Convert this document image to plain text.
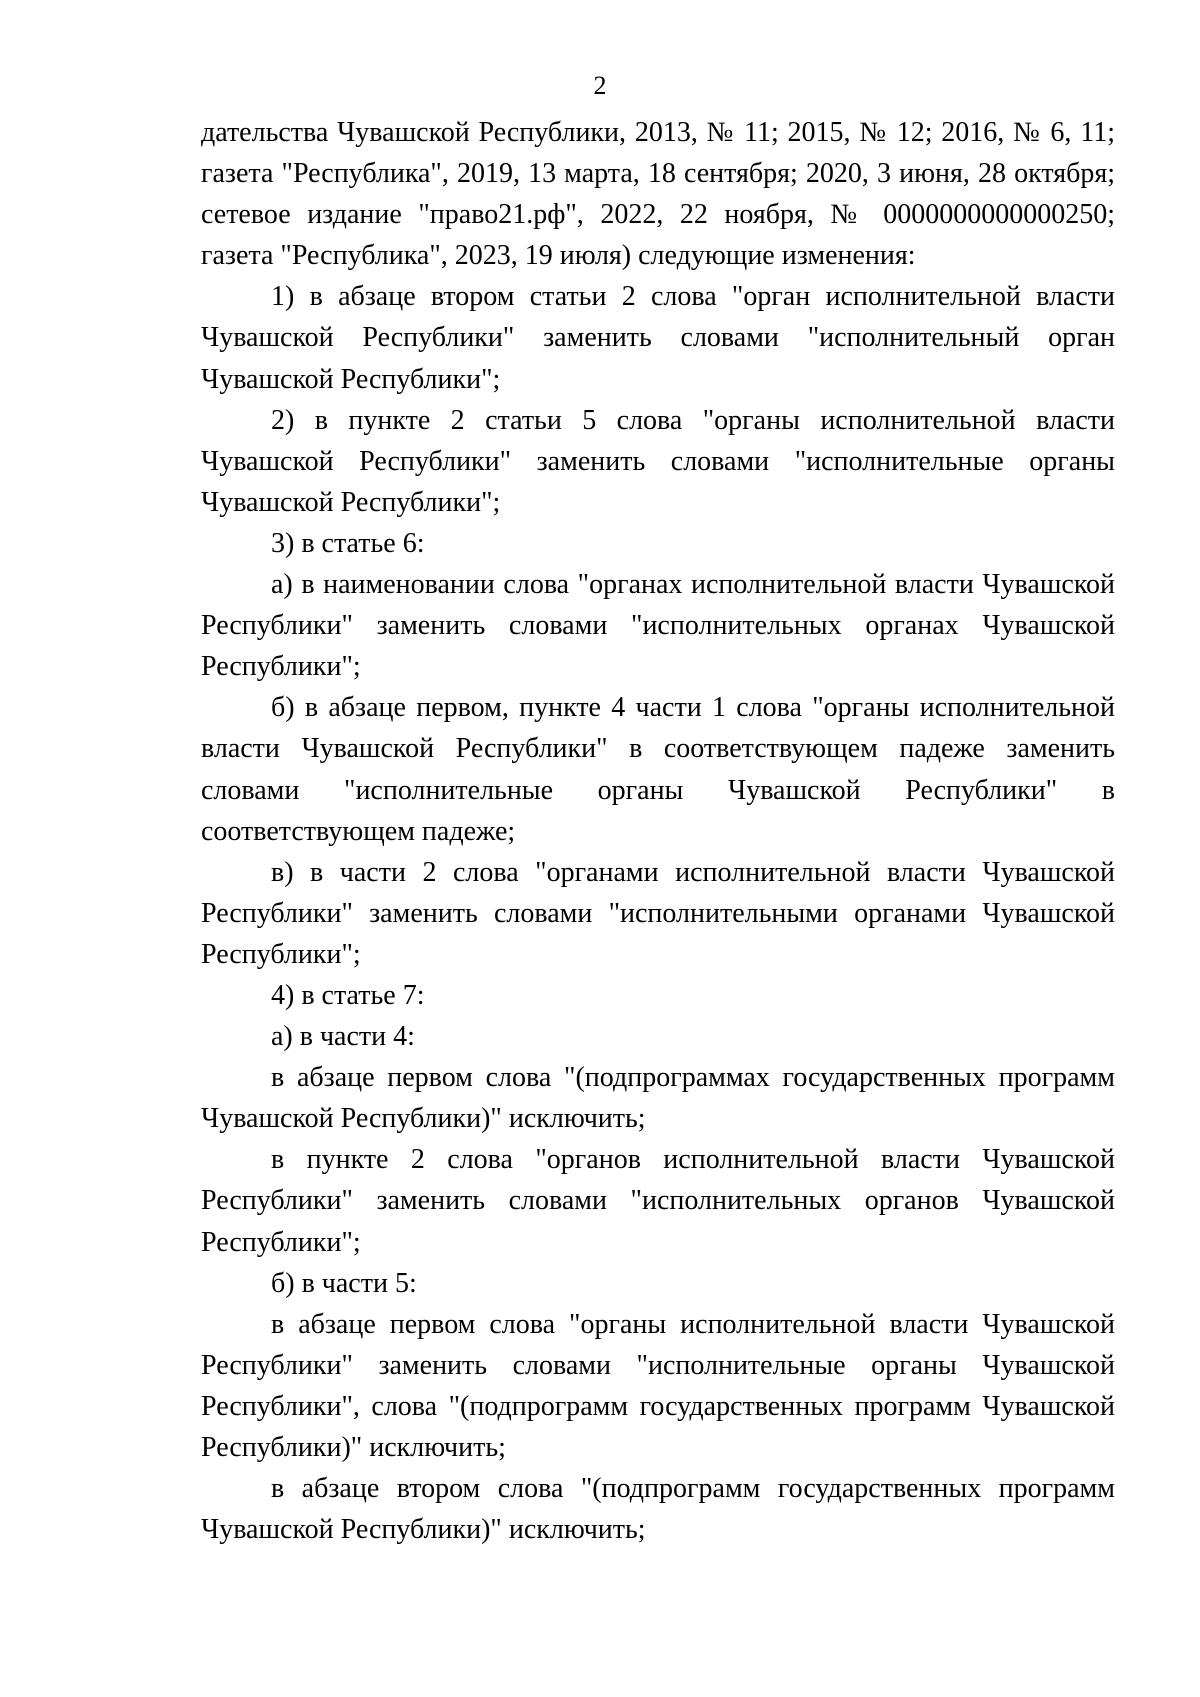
2

дательства Чувашской Республики, 2013, № 11; 2015, № 12; 2016, № 6, 11; газета "Республика", 2019, 13 марта, 18 сентября; 2020, 3 июня, 28 октября; сетевое издание "право21.рф", 2022, 22 ноября, № 0000000000000250; газета "Республика", 2023, 19 июля) следующие изменения:

1) в абзаце втором статьи 2 слова "орган исполнительной власти Чувашской Республики" заменить словами "исполнительный орган Чувашской Республики";

2) в пункте 2 статьи 5 слова "органы исполнительной власти Чувашской Республики" заменить словами "исполнительные органы Чувашской Республики";

3) в статье 6:

а) в наименовании слова "органах исполнительной власти Чувашской Республики" заменить словами "исполнительных органах Чувашской Республики";

б) в абзаце первом, пункте 4 части 1 слова "органы исполнительной власти Чувашской Республики" в соответствующем падеже заменить словами "исполнительные органы Чувашской Республики" в соответствующем падеже;

в) в части 2 слова "органами исполнительной власти Чувашской Республики" заменить словами "исполнительными органами Чувашской Республики";

4) в статье 7:

а) в части 4:

в абзаце первом слова "(подпрограммах государственных программ Чувашской Республики)" исключить;

в пункте 2 слова "органов исполнительной власти Чувашской Республики" заменить словами "исполнительных органов Чувашской Республики";

б) в части 5:

в абзаце первом слова "органы исполнительной власти Чувашской Республики" заменить словами "исполнительные органы Чувашской Республики", слова "(подпрограмм государственных программ Чувашской Республики)" исключить;

в абзаце втором слова "(подпрограмм государственных программ Чувашской Республики)" исключить;
